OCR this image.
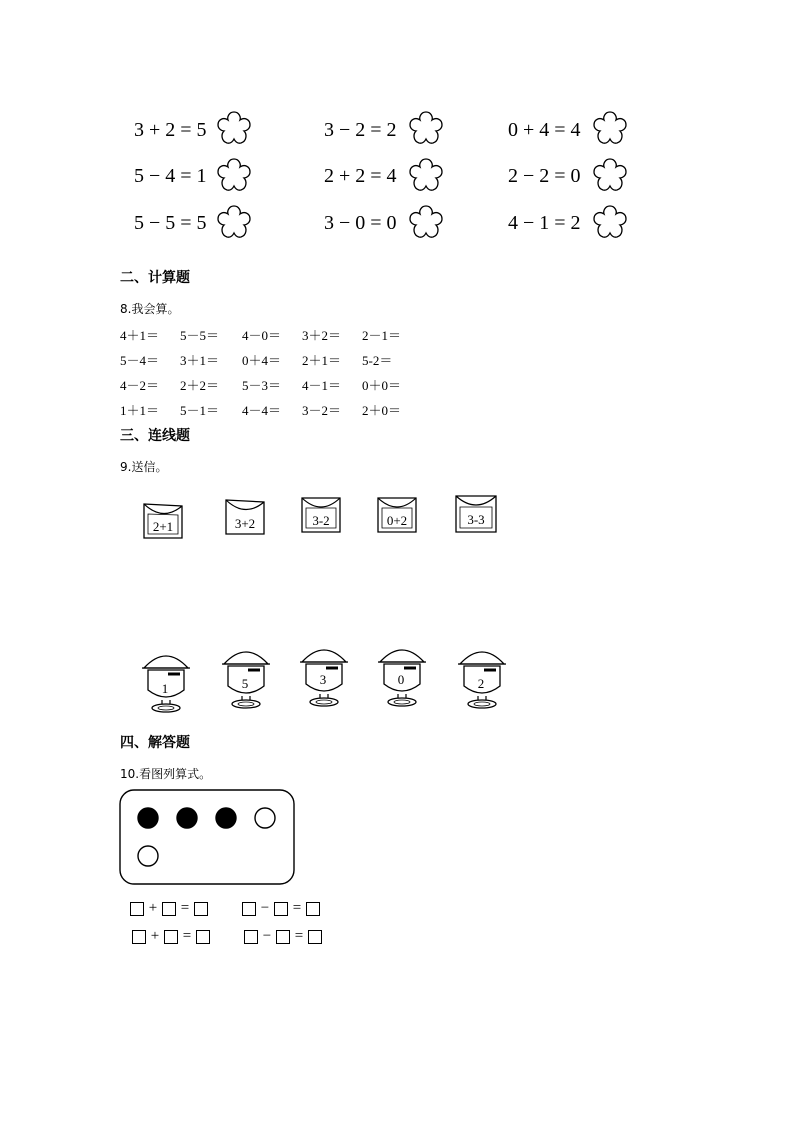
3 + 2 = 5	3 − 2 = 2	0 + 4 = 4
5 − 4 = 1	2 + 2 = 4	2 − 2 = 0
5 − 5 = 5	3 − 0 = 0	4 − 1 = 2
二、计算题
8.我会算。
4＋1＝ 5－5＝ 4－0＝ 3＋2＝ 2－1＝
5－4＝ 3＋1＝ 0＋4＝ 2＋1＝ 5-2＝
4－2＝ 2＋2＝ 5－3＝ 4－1＝ 0＋0＝
1＋1＝ 5－1＝ 4－4＝ 3－2＝ 2＋0＝
三、连线题
9.送信。
2+1	3+2	3-2	0+2	3-3
1	5	3	0	2
四、解答题
10.看图列算式。
+ =	− =
+ =	− =
